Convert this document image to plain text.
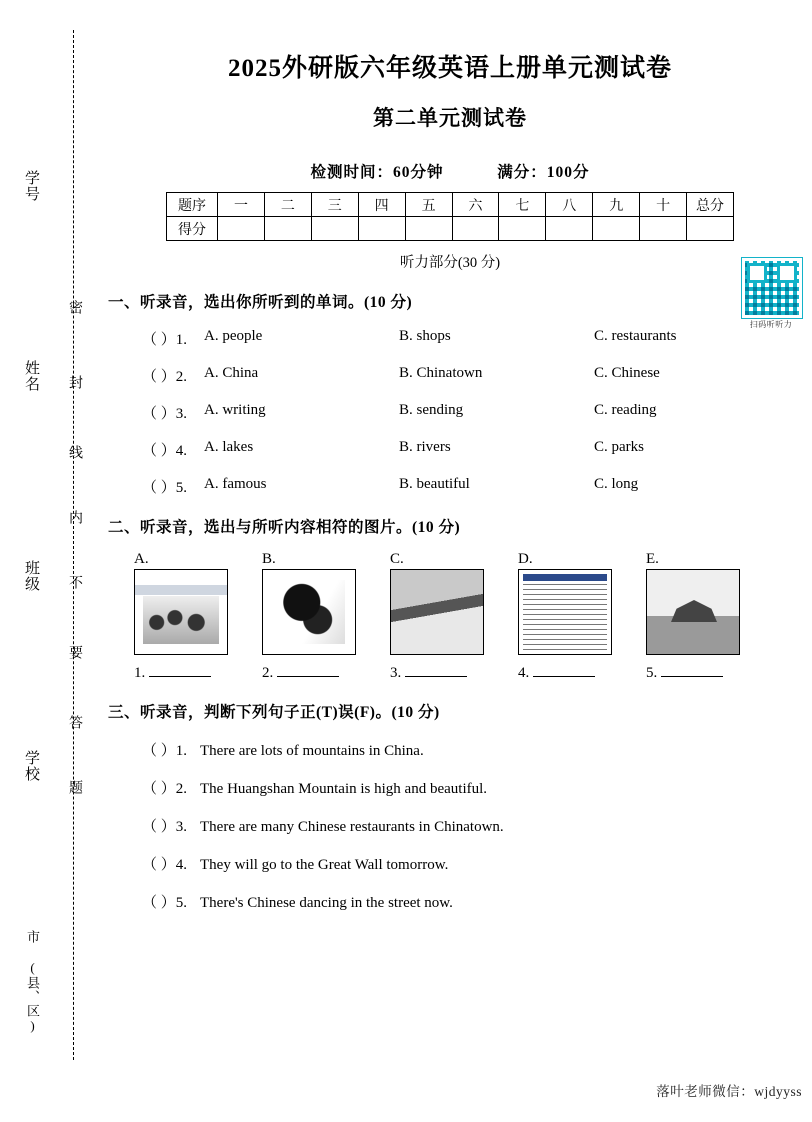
学号
姓名
班级
学校
市 (县、区)
密
封
线
内
不
要
答
题
2025外研版六年级英语上册单元测试卷
第二单元测试卷
检测时间：60分钟	满分：100分
题序	一	二	三	四	五	六	七	八	九	十	总分
得分											
听力部分(30 分)
扫码听听力
一、听录音，选出你所听到的单词。(10 分)
（ ）1.	A. people	B. shops	C. restaurants
（ ）2.	A. China	B. Chinatown	C. Chinese
（ ）3.	A. writing	B. sending	C. reading
（ ）4.	A. lakes	B. rivers	C. parks
（ ）5.	A. famous	B. beautiful	C. long
二、听录音，选出与所听内容相符的图片。(10 分)
A.	B.	C.	D.	E.
1.	2.	3.	4.	5.
三、听录音，判断下列句子正(T)误(F)。(10 分)
（ ）1. There are lots of mountains in China.
（ ）2. The Huangshan Mountain is high and beautiful.
（ ）3. There are many Chinese restaurants in Chinatown.
（ ）4. They will go to the Great Wall tomorrow.
（ ）5. There's Chinese dancing in the street now.
落叶老师微信：wjdyyss
